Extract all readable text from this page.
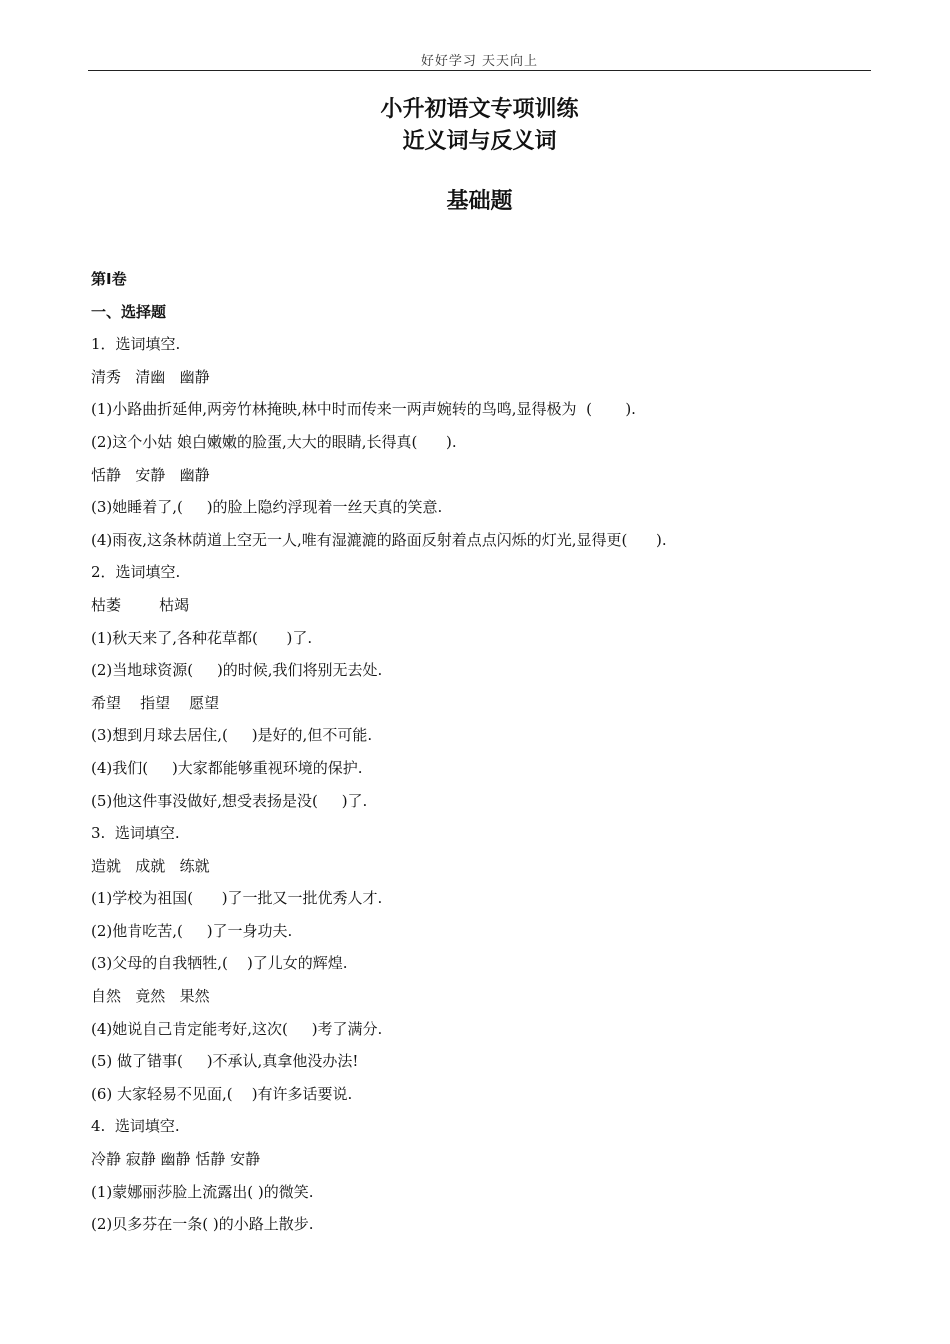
好好学习 天天向上
小升初语文专项训练
近义词与反义词
基础题
第Ⅰ卷
一、选择题
1．选词填空.
清秀   清幽   幽静
(1)小路曲折延伸,两旁竹林掩映,林中时而传来一两声婉转的鸟鸣,显得极为  (       ).
(2)这个小姑 娘白嫩嫩的脸蛋,大大的眼睛,长得真(      ).
恬静   安静   幽静
(3)她睡着了,(     )的脸上隐约浮现着一丝天真的笑意.
(4)雨夜,这条林荫道上空无一人,唯有湿漉漉的路面反射着点点闪烁的灯光,显得更(      ).
2．选词填空.
枯萎        枯竭
(1)秋天来了,各种花草都(      )了.
(2)当地球资源(     )的时候,我们将别无去处.
希望    指望    愿望
(3)想到月球去居住,(     )是好的,但不可能.
(4)我们(     )大家都能够重视环境的保护.
(5)他这件事没做好,想受表扬是没(     )了.
3.  选词填空.
造就   成就   练就
(1)学校为祖国(      )了一批又一批优秀人才.
(2)他肯吃苦,(     )了一身功夫.
(3)父母的自我牺牲,(    )了儿女的辉煌.
自然   竟然   果然
(4)她说自己肯定能考好,这次(     )考了满分.
(5) 做了错事(     )不承认,真拿他没办法!
(6) 大家轻易不见面,(    )有许多话要说.
4.  选词填空.
冷静 寂静 幽静 恬静 安静
(1)蒙娜丽莎脸上流露出( )的微笑.
(2)贝多芬在一条( )的小路上散步.
